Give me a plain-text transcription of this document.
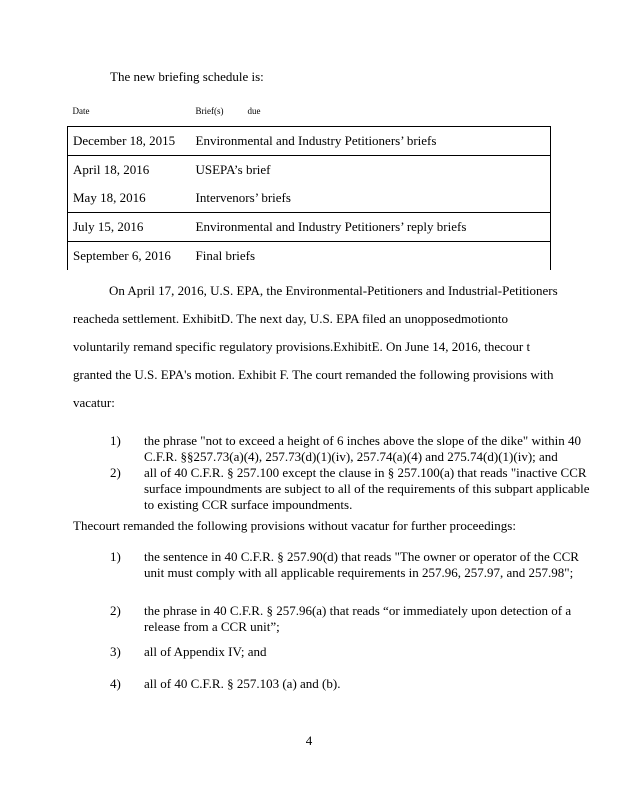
The new briefing schedule is:
Date	Brief(s) due
December 18, 2015	Environmental and Industry Petitioners’ briefs
April 18, 2016	USEPA’s brief
May 18, 2016	Intervenors’ briefs
July 15, 2016	Environmental and Industry Petitioners’ reply briefs
September 6, 2016	Final briefs
On April 17, 2016, U.S. EPA, the Environmental-Petitioners and Industrial-Petitioners
reacheda settlement. ExhibitD. The next day, U.S. EPA filed an unopposedmotionto
voluntarily remand specific regulatory provisions.ExhibitE. On June 14, 2016, thecour t
granted the U.S. EPA's motion. Exhibit F. The court remanded the following provisions with
vacatur:
1)	the phrase "not to exceed a height of 6 inches above the slope of the dike" within 40 C.F.R. §§257.73(a)(4), 257.73(d)(1)(iv), 257.74(a)(4) and 275.74(d)(1)(iv); and
2)	all of 40 C.F.R. § 257.100 except the clause in § 257.100(a) that reads "inactive CCR surface impoundments are subject to all of the requirements of this subpart applicable to existing CCR surface impoundments.
Thecourt remanded the following provisions without vacatur for further proceedings:
1)	the sentence in 40 C.F.R. § 257.90(d) that reads "The owner or operator of the CCR unit must comply with all applicable requirements in 257.96, 257.97, and 257.98";
2)	the phrase in 40 C.F.R. § 257.96(a) that reads “or immediately upon detection of a release from a CCR unit”;
3)	all of Appendix IV; and
4)	all of 40 C.F.R. § 257.103 (a) and (b).
4
